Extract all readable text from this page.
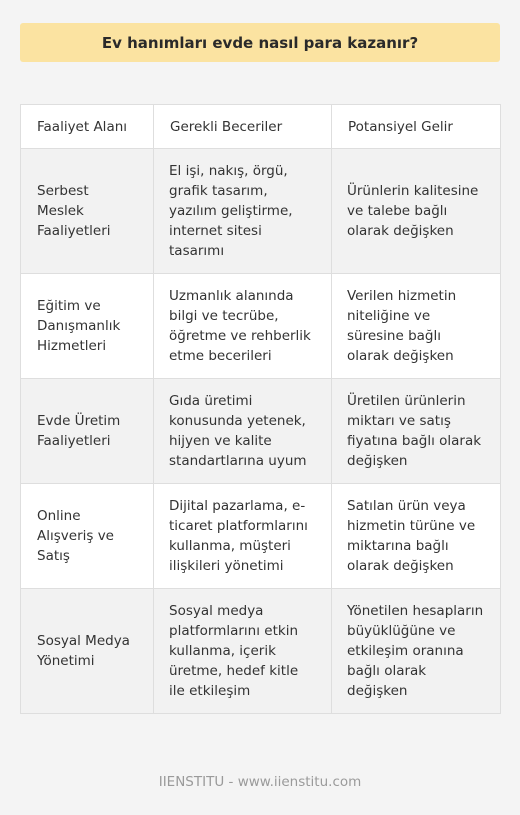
Ev hanımları evde nasıl para kazanır?
Faaliyet Alanı	Gerekli Beceriler	Potansiyel Gelir
Serbest Meslek Faaliyetleri	El işi, nakış, örgü, grafik tasarım, yazılım geliştirme, internet sitesi tasarımı	Ürünlerin kalitesine ve talebe bağlı olarak değişken
Eğitim ve Danışmanlık Hizmetleri	Uzmanlık alanında bilgi ve tecrübe, öğretme ve rehberlik etme becerileri	Verilen hizmetin niteliğine ve süresine bağlı olarak değişken
Evde Üretim Faaliyetleri	Gıda üretimi konusunda yetenek, hijyen ve kalite standartlarına uyum	Üretilen ürünlerin miktarı ve satış fiyatına bağlı olarak değişken
Online Alışveriş ve Satış	Dijital pazarlama, e-ticaret platformlarını kullanma, müşteri ilişkileri yönetimi	Satılan ürün veya hizmetin türüne ve miktarına bağlı olarak değişken
Sosyal Medya Yönetimi	Sosyal medya platformlarını etkin kullanma, içerik üretme, hedef kitle ile etkileşim	Yönetilen hesapların büyüklüğüne ve etkileşim oranına bağlı olarak değişken
IIENSTITU - www.iienstitu.com
